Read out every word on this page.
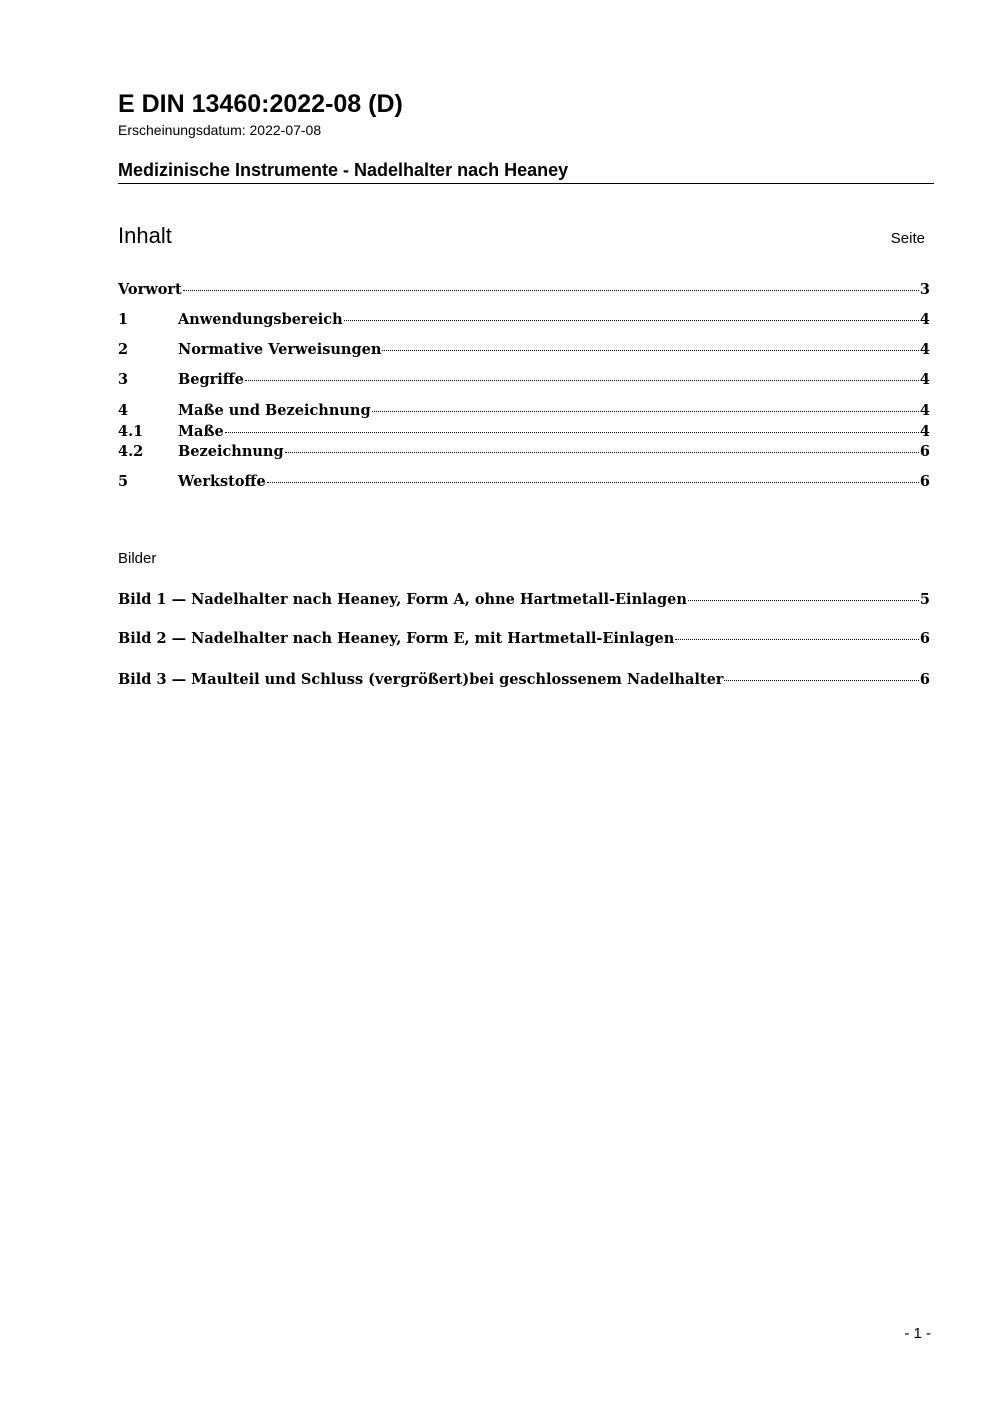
E DIN 13460:2022-08 (D)
Erscheinungsdatum: 2022-07-08
Medizinische Instrumente - Nadelhalter nach Heaney
Inhalt	Seite
Vorwort	3
1	Anwendungsbereich	4
2	Normative Verweisungen	4
3	Begriffe	4
4	Maße und Bezeichnung	4
4.1	Maße	4
4.2	Bezeichnung	6
5	Werkstoffe	6
Bilder
Bild 1 — Nadelhalter nach Heaney, Form A, ohne Hartmetall-Einlagen	5
Bild 2 — Nadelhalter nach Heaney, Form E, mit Hartmetall-Einlagen	6
Bild 3 — Maulteil und Schluss (vergrößert)bei geschlossenem Nadelhalter	6
- 1 -
